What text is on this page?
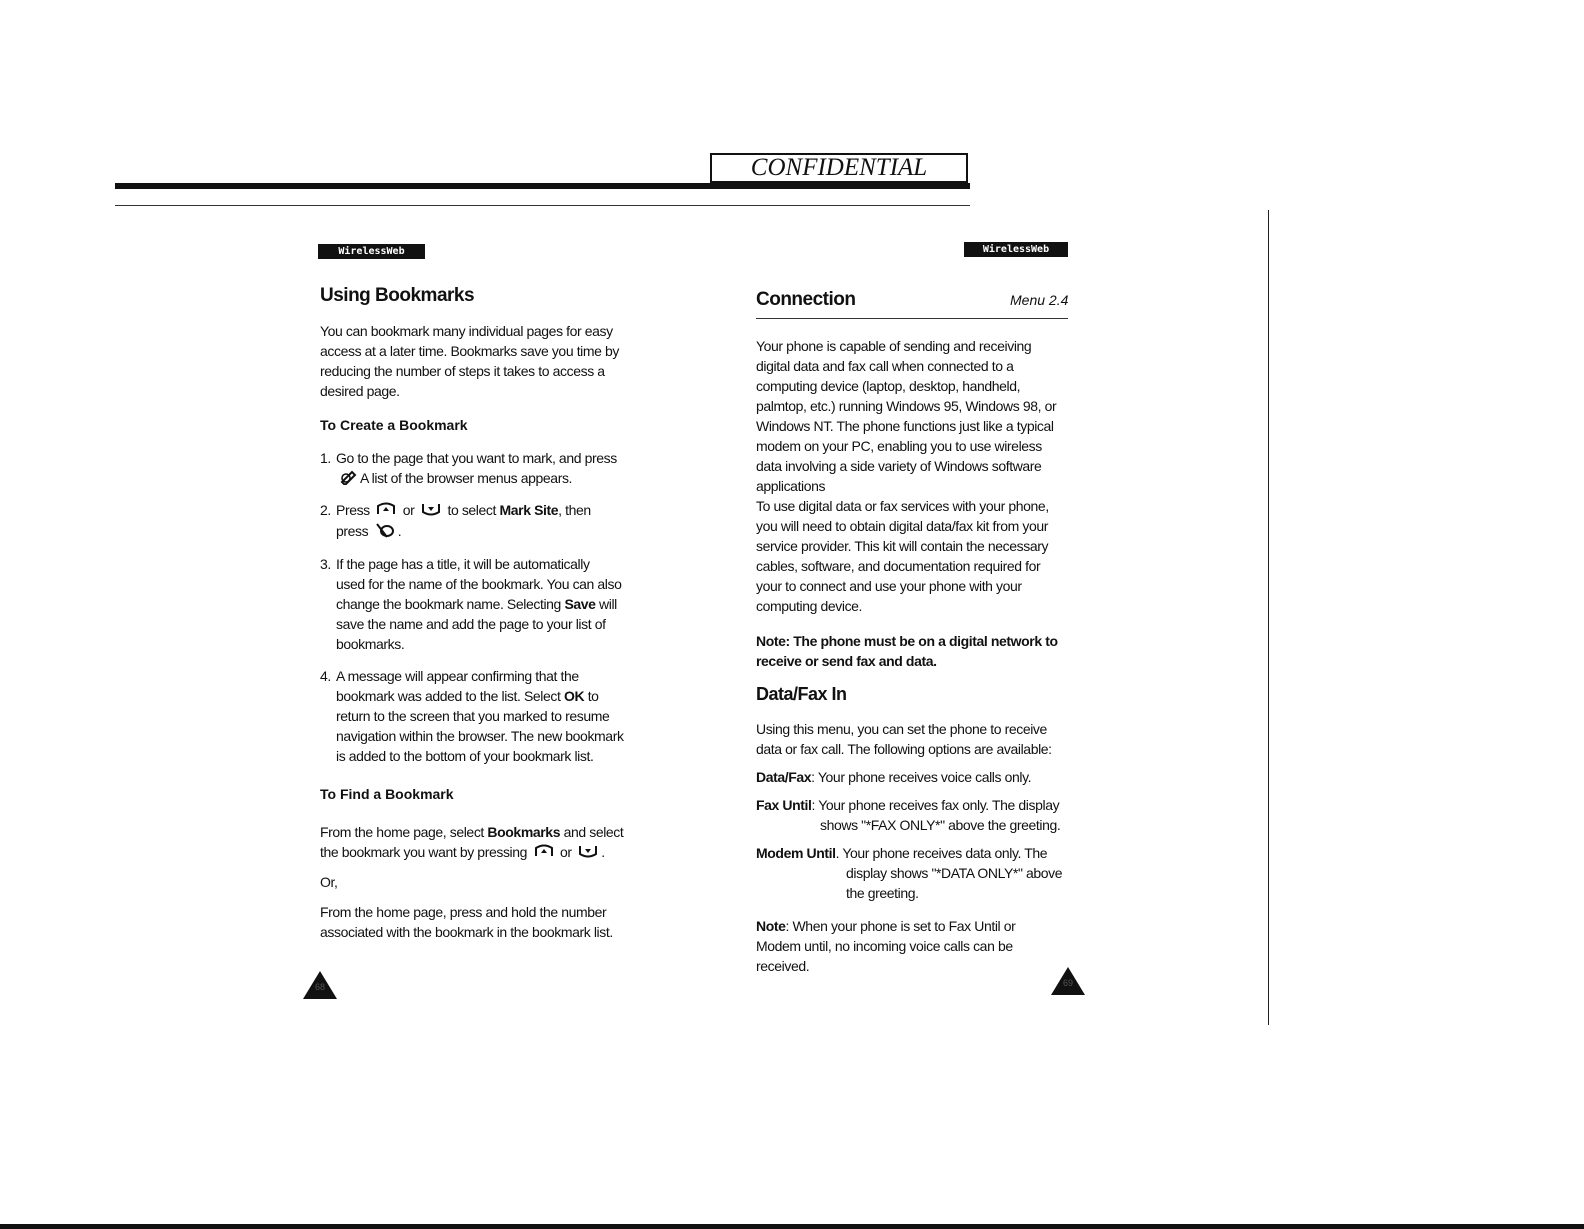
CONFIDENTIAL
WirelessWeb
Using Bookmarks

You can bookmark many individual pages for easy

access at a later time. Bookmarks save you time by

reducing the number of steps it takes to access a

desired page.

To Create a Bookmark
1. Go to the page that you want to mark, and press

A list of the browser menus appears.

2. Press or to select Mark Site, then

press .

3. If the page has a title, it will be automatically

used for the name of the bookmark. You can also

change the bookmark name. Selecting Save will

save the name and add the page to your list of

bookmarks.

4. A message will appear confirming that the

bookmark was added to the list. Select OK to

return to the screen that you marked to resume

navigation within the browser. The new bookmark

is added to the bottom of your bookmark list.

To Find a Bookmark

From the home page, select Bookmarks and select

the bookmark you want by pressing or .

Or,

From the home page, press and hold the number

associated with the bookmark in the bookmark list.

68
WirelessWeb
Connection	Menu 2.4

Your phone is capable of sending and receiving

digital data and fax call when connected to a

computing device (laptop, desktop, handheld,

palmtop, etc.) running Windows 95, Windows 98, or

Windows NT. The phone functions just like a typical

modem on your PC, enabling you to use wireless

data involving a side variety of Windows software

applications

To use digital data or fax services with your phone,

you will need to obtain digital data/fax kit from your

service provider. This kit will contain the necessary

cables, software, and documentation required for

your to connect and use your phone with your

computing device.

Note: The phone must be on a digital network to

receive or send fax and data.

Data/Fax In

Using this menu, you can set the phone to receive

data or fax call. The following options are available:

Data/Fax: Your phone receives voice calls only.
Fax Until: Your phone receives fax only. The display
shows "*FAX ONLY*" above the greeting.
Modem Until. Your phone receives data only. The
display shows "*DATA ONLY*" above
the greeting.

Note: When your phone is set to Fax Until or

Modem until, no incoming voice calls can be

received.

69
